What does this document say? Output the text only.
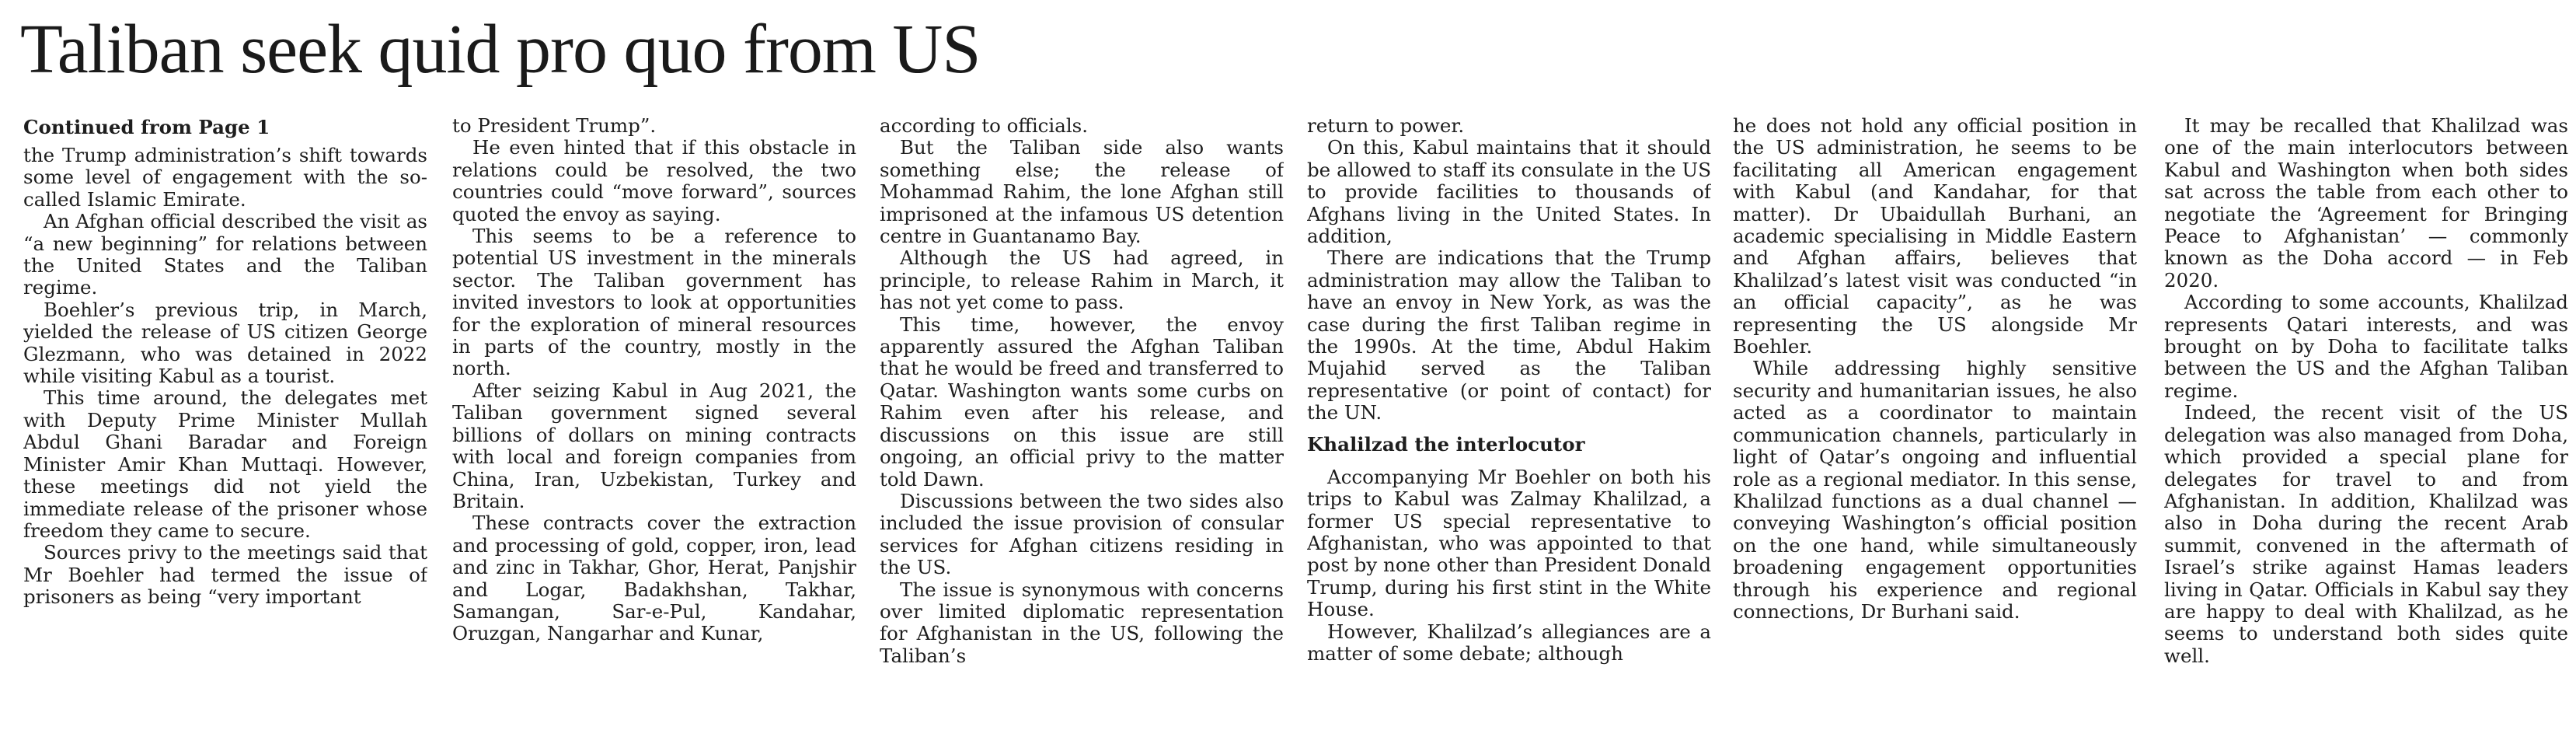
Taliban seek quid pro quo from US
Continued from Page 1

the Trump administration’s shift towards some level of engagement with the so-called Islamic Emirate.

An Afghan official described the visit as “a new beginning” for relations between the United States and the Taliban regime.

Boehler’s previous trip, in March, yielded the release of US citizen George Glezmann, who was detained in 2022 while visiting Kabul as a tourist.

This time around, the delegates met with Deputy Prime Minister Mullah Abdul Ghani Baradar and Foreign Minister Amir Khan Muttaqi. However, these meetings did not yield the immediate release of the prisoner whose freedom they came to secure.

Sources privy to the meetings said that Mr Boehler had termed the issue of prisoners as being “very important

to President Trump”.

He even hinted that if this obstacle in relations could be resolved, the two countries could “move forward”, sources quoted the envoy as saying.

This seems to be a reference to potential US investment in the minerals sector. The Taliban government has invited investors to look at opportunities for the exploration of mineral resources in parts of the country, mostly in the north.

After seizing Kabul in Aug 2021, the Taliban government signed several billions of dollars on mining contracts with local and foreign companies from China, Iran, Uzbekistan, Turkey and Britain.

These contracts cover the extraction and processing of gold, copper, iron, lead and zinc in Takhar, Ghor, Herat, Panjshir and Logar, Badakhshan, Takhar, Samangan, Sar-e-Pul, Kandahar, Oruzgan, Nangarhar and Kunar,

according to officials.

But the Taliban side also wants something else; the release of Mohammad Rahim, the lone Afghan still imprisoned at the infamous US detention centre in Guantanamo Bay.

Although the US had agreed, in principle, to release Rahim in March, it has not yet come to pass.

This time, however, the envoy apparently assured the Afghan Taliban that he would be freed and transferred to Qatar. Washington wants some curbs on Rahim even after his release, and discussions on this issue are still ongoing, an official privy to the matter told Dawn.

Discussions between the two sides also included the issue provision of consular services for Afghan citizens residing in the US.

The issue is synonymous with concerns over limited diplomatic representation for Afghanistan in the US, following the Taliban’s

return to power.

On this, Kabul maintains that it should be allowed to staff its consulate in the US to provide facilities to thousands of Afghans living in the United States. In addition,

There are indications that the Trump administration may allow the Taliban to have an envoy in New York, as was the case during the first Taliban regime in the 1990s. At the time, Abdul Hakim Mujahid served as the Taliban representative (or point of contact) for the UN.

Khalilzad the interlocutor

Accompanying Mr Boehler on both his trips to Kabul was Zalmay Khalilzad, a former US special representative to Afghanistan, who was appointed to that post by none other than President Donald Trump, during his first stint in the White House.

However, Khalilzad’s allegiances are a matter of some debate; although

he does not hold any official position in the US administration, he seems to be facilitating all American engagement with Kabul (and Kandahar, for that matter). Dr Ubaidullah Burhani, an academic specialising in Middle Eastern and Afghan affairs, believes that Khalilzad’s latest visit was conducted “in an official capacity”, as he was representing the US alongside Mr Boehler.

While addressing highly sensitive security and humanitarian issues, he also acted as a coordinator to maintain communication channels, particularly in light of Qatar’s ongoing and influential role as a regional mediator. In this sense, Khalilzad functions as a dual channel — conveying Washington’s official position on the one hand, while simultaneously broadening engagement opportunities through his experience and regional connections, Dr Burhani said.

It may be recalled that Khalilzad was one of the main interlocutors between Kabul and Washington when both sides sat across the table from each other to negotiate the ‘Agreement for Bringing Peace to Afghanistan’ — commonly known as the Doha accord — in Feb 2020.

According to some accounts, Khalilzad represents Qatari interests, and was brought on by Doha to facilitate talks between the US and the Afghan Taliban regime.

Indeed, the recent visit of the US delegation was also managed from Doha, which provided a special plane for delegates for travel to and from Afghanistan. In addition, Khalilzad was also in Doha during the recent Arab summit, convened in the aftermath of Israel’s strike against Hamas leaders living in Qatar. Officials in Kabul say they are happy to deal with Khalilzad, as he seems to understand both sides quite well.
